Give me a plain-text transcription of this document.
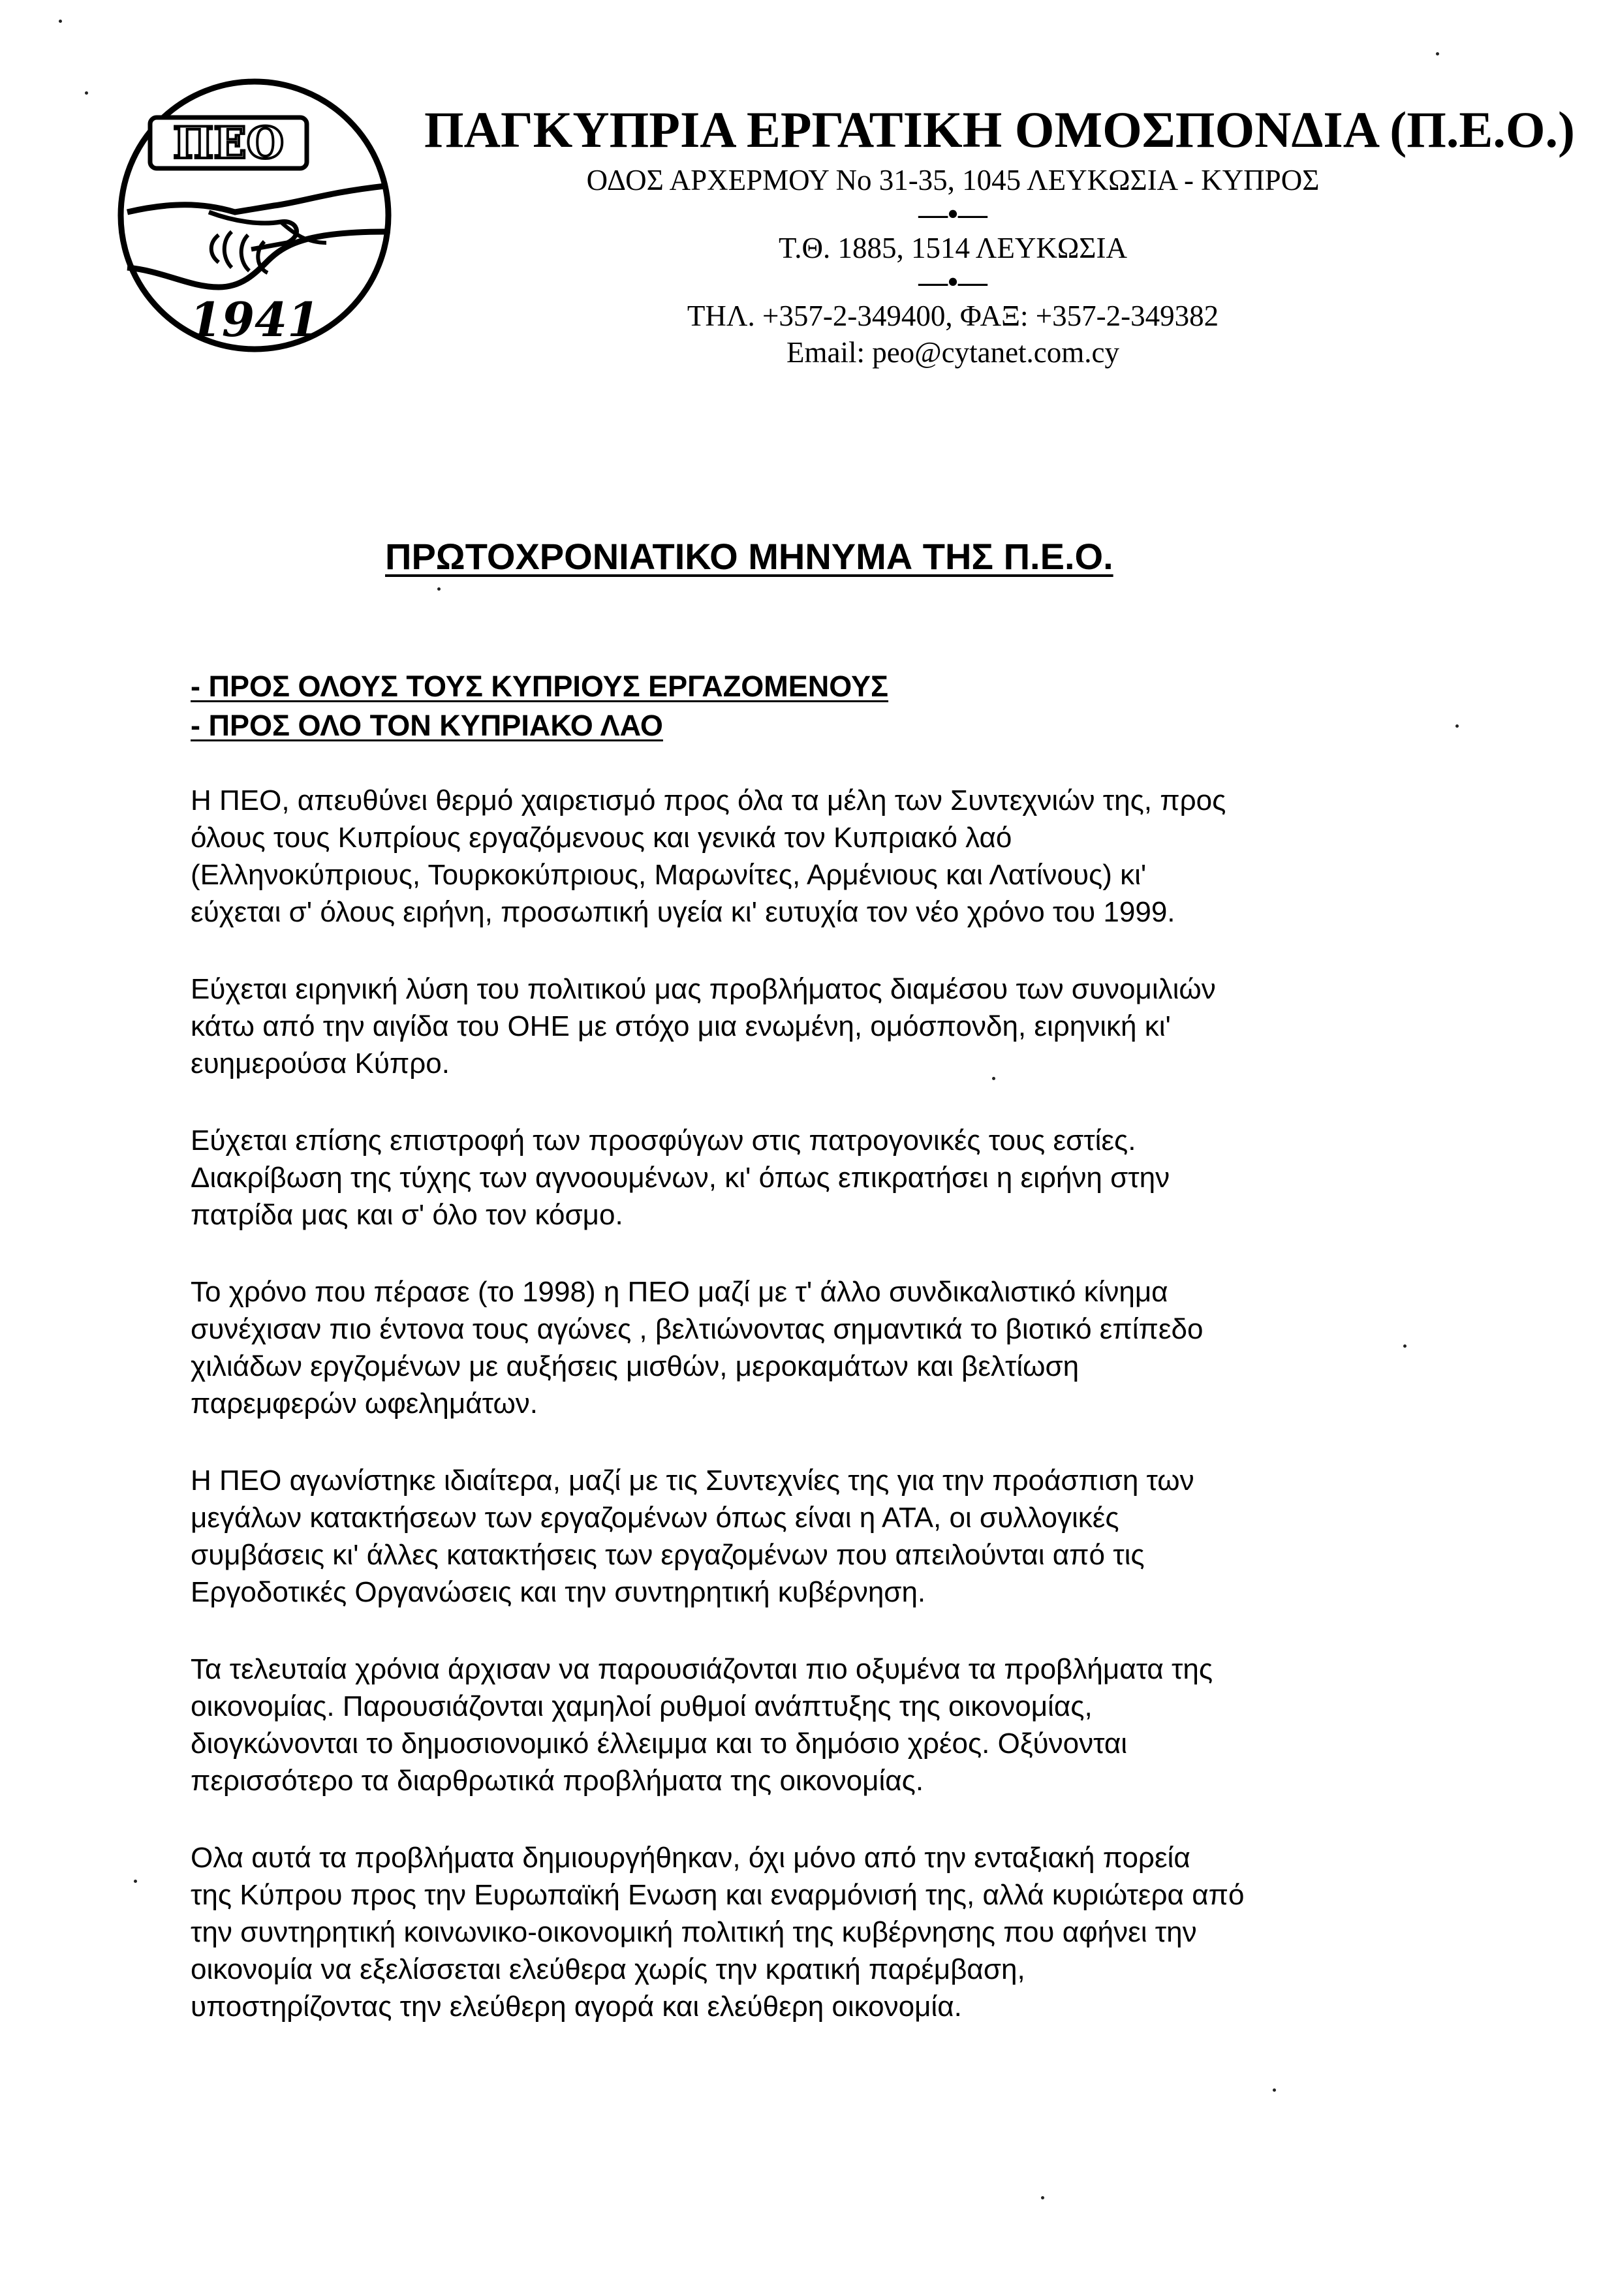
ΠΕΟ
1941
ΠΑΓΚΥΠΡΙΑ ΕΡΓΑΤΙΚΗ ΟΜΟΣΠΟΝΔΙΑ (Π.Ε.Ο.)
ΟΔΟΣ ΑΡΧΕΡΜΟΥ Νο 31-35, 1045 ΛΕΥΚΩΣΙΑ - ΚΥΠΡΟΣ
—•—
Τ.Θ. 1885, 1514 ΛΕΥΚΩΣΙΑ
—•—
ΤΗΛ. +357-2-349400, ΦΑΞ: +357-2-349382
Email: peo@cytanet.com.cy
ΠΡΩΤΟΧΡΟΝΙΑΤΙΚΟ ΜΗΝΥΜΑ ΤΗΣ Π.Ε.Ο.
- ΠΡΟΣ ΟΛΟΥΣ ΤΟΥΣ ΚΥΠΡΙΟΥΣ ΕΡΓΑΖΟΜΕΝΟΥΣ
- ΠΡΟΣ ΟΛΟ ΤΟΝ ΚΥΠΡΙΑΚΟ ΛΑΟ

Η ΠΕΟ, απευθύνει θερμό χαιρετισμό προς όλα τα μέλη των Συντεχνιών της, προς
όλους τους Κυπρίους εργαζόμενους και γενικά τον Κυπριακό λαό
(Ελληνοκύπριους, Τουρκοκύπριους, Μαρωνίτες, Αρμένιους και Λατίνους) κι'
εύχεται σ' όλους ειρήνη, προσωπική υγεία κι' ευτυχία τον νέο χρόνο του 1999.

Εύχεται ειρηνική λύση του πολιτικού μας προβλήματος διαμέσου των συνομιλιών
κάτω από την αιγίδα του ΟΗΕ με στόχο μια ενωμένη, ομόσπονδη, ειρηνική κι'
ευημερούσα Κύπρο.

Εύχεται επίσης επιστροφή των προσφύγων στις πατρογονικές τους εστίες.
Διακρίβωση της τύχης των αγνοουμένων, κι' όπως επικρατήσει η ειρήνη στην
πατρίδα μας και σ' όλο τον κόσμο.

Το χρόνο που πέρασε (το 1998) η ΠΕΟ μαζί με τ' άλλο συνδικαλιστικό κίνημα
συνέχισαν πιο έντονα τους αγώνες , βελτιώνοντας σημαντικά το βιοτικό επίπεδο
χιλιάδων εργζομένων με αυξήσεις μισθών, μεροκαμάτων και βελτίωση
παρεμφερών ωφελημάτων.

Η ΠΕΟ αγωνίστηκε ιδιαίτερα, μαζί με τις Συντεχνίες της για την προάσπιση των
μεγάλων κατακτήσεων των εργαζομένων όπως είναι η ΑΤΑ, οι συλλογικές
συμβάσεις κι' άλλες κατακτήσεις των εργαζομένων που απειλούνται από τις
Εργοδοτικές Οργανώσεις και την συντηρητική κυβέρνηση.

Τα τελευταία χρόνια άρχισαν να παρουσιάζονται πιο οξυμένα τα προβλήματα της
οικονομίας. Παρουσιάζονται χαμηλοί ρυθμοί ανάπτυξης της οικονομίας,
διογκώνονται το δημοσιονομικό έλλειμμα και το δημόσιο χρέος. Οξύνονται
περισσότερο τα διαρθρωτικά προβλήματα της οικονομίας.

Ολα αυτά τα προβλήματα δημιουργήθηκαν, όχι μόνο από την ενταξιακή πορεία
της Κύπρου προς την Ευρωπαϊκή Ενωση και εναρμόνισή της, αλλά κυριώτερα από
την συντηρητική κοινωνικο-οικονομική πολιτική της κυβέρνησης που αφήνει την
οικονομία να εξελίσσεται ελεύθερα χωρίς την κρατική παρέμβαση,
υποστηρίζοντας την ελεύθερη αγορά και ελεύθερη οικονομία.
